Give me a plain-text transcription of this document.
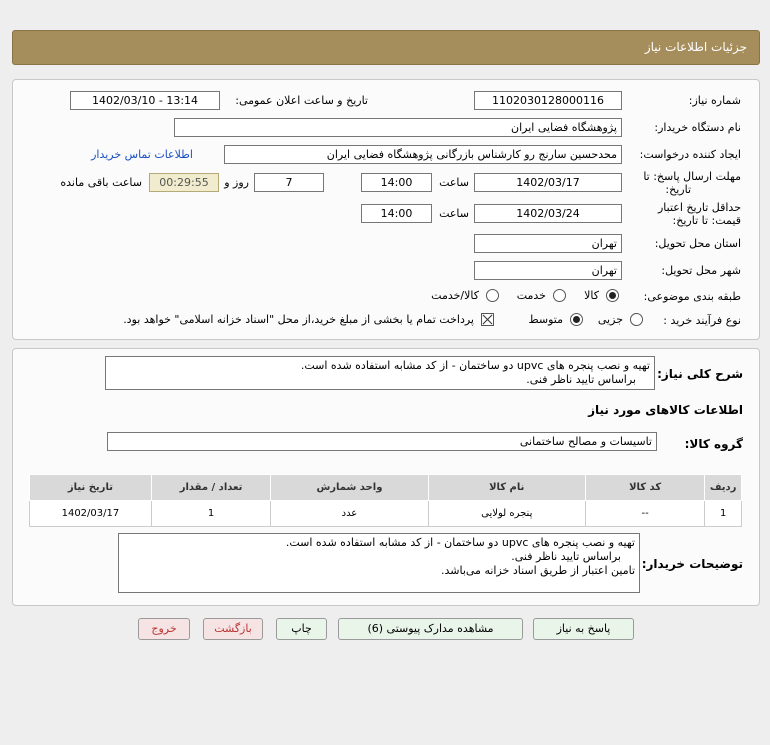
جزئیات اطلاعات نیاز
شماره نیاز:
1102030128000116
تاریخ و ساعت اعلان عمومی:
1402/03/10 - 13:14
نام دستگاه خریدار:
پژوهشگاه فضایی ایران
ایجاد کننده درخواست:
محدحسین سارنج رو کارشناس بازرگانی پژوهشگاه فضایی ایران
اطلاعات تماس خریدار
مهلت ارسال پاسخ: تا
تاریخ:
1402/03/17
ساعت
14:00
7
روز و
00:29:55
ساعت باقی مانده
حداقل تاریخ اعتبار
قیمت: تا تاریخ:
1402/03/24
ساعت
14:00
استان محل تحویل:
تهران
شهر محل تحویل:
تهران
طبقه بندی موضوعی:
کالا
خدمت
کالا/خدمت
نوع فرآیند خرید :
جزیی
متوسط
پرداخت تمام یا بخشی از مبلغ خرید،از محل "اسناد خزانه اسلامی" خواهد بود.
شرح کلی نیاز:
تهیه و نصب پنجره های upvc دو ساختمان - از کد مشابه استفاده شده است.
براساس تایید ناظر فنی.
اطلاعات کالاهای مورد نیاز
گروه کالا:
تاسیسات و مصالح ساختمانی
ردیف	کد کالا	نام کالا	واحد شمارش	تعداد / مقدار	تاریخ نیاز
1	--	پنجره لولایی	عدد	1	1402/03/17
توضیحات خریدار:
تهیه و نصب پنجره های upvc دو ساختمان - از کد مشابه استفاده شده است.
براساس تایید ناظر فنی.
تامین اعتبار از طریق اسناد خزانه می‌باشد.
پاسخ به نیاز
مشاهده مدارک پیوستی (6)
چاپ
بازگشت
خروج
